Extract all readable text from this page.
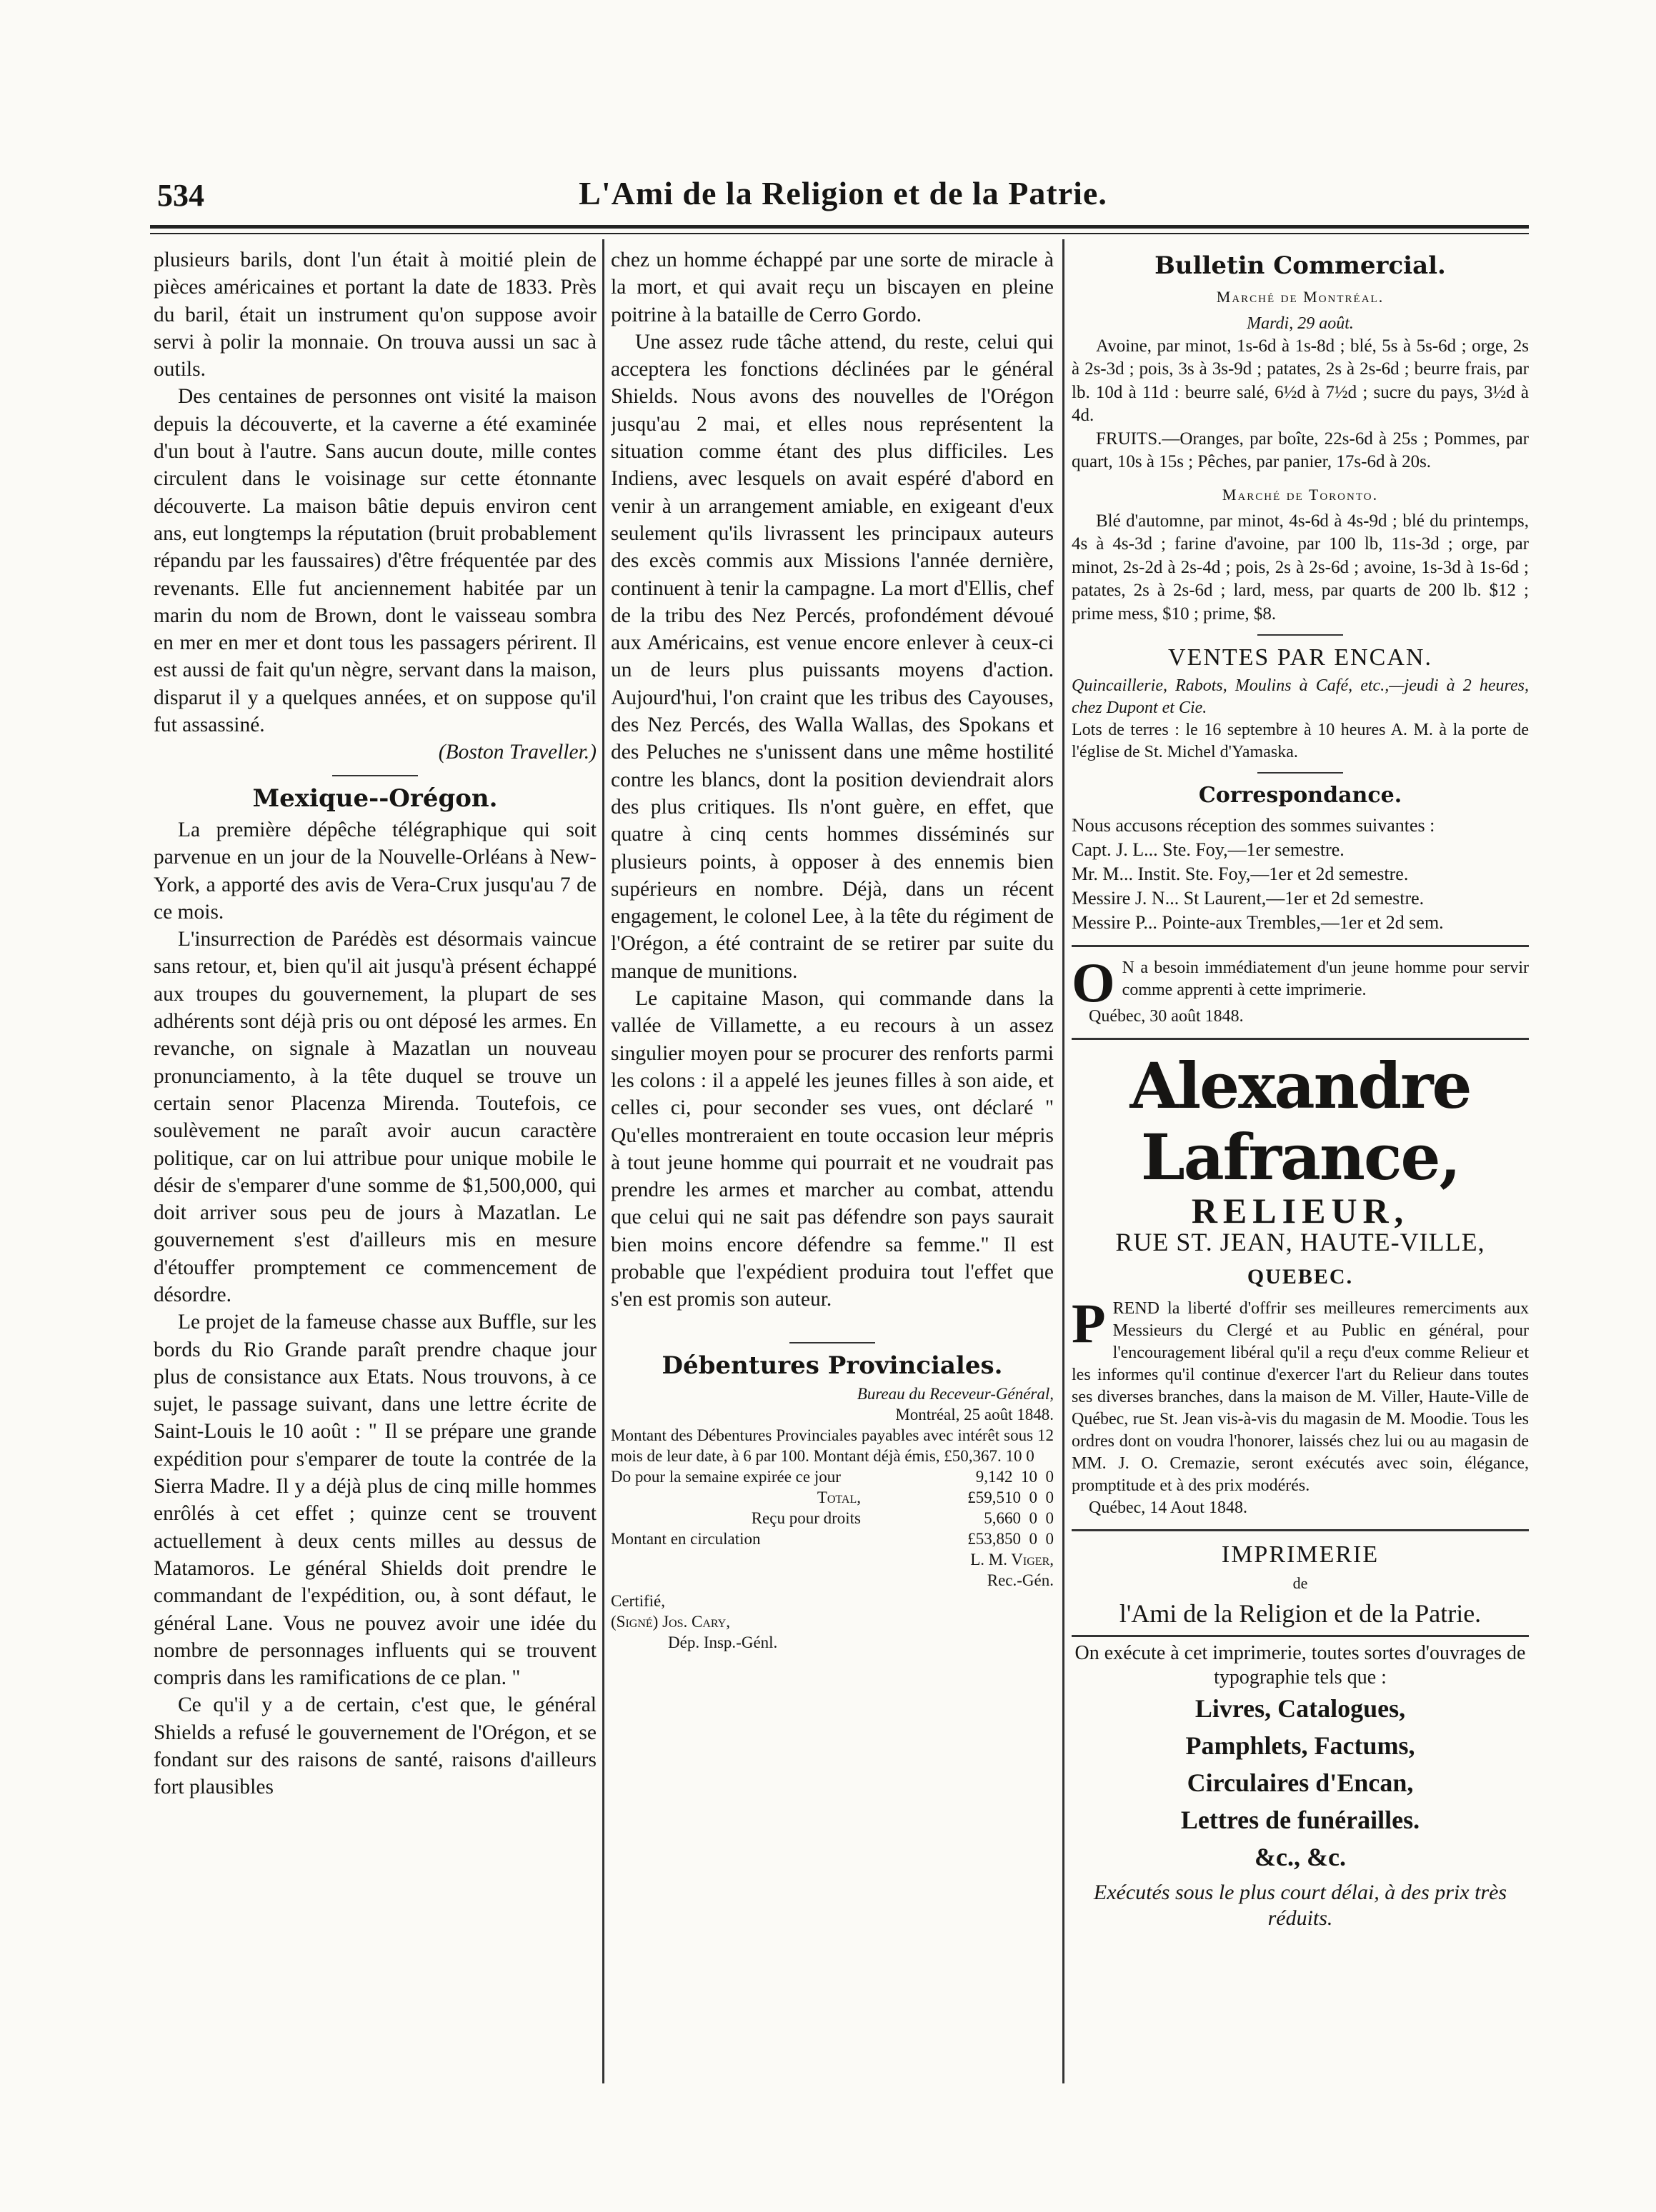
534	L'Ami de la Religion et de la Patrie.

plusieurs barils, dont l'un était à moitié plein de pièces américaines et portant la date de 1833. Près du baril, était un instrument qu'on suppose avoir servi à polir la monnaie. On trouva aussi un sac à outils.

Des centaines de personnes ont visité la maison depuis la découverte, et la caverne a été examinée d'un bout à l'autre. Sans aucun doute, mille contes circulent dans le voisinage sur cette étonnante découverte. La maison bâtie depuis environ cent ans, eut longtemps la réputation (bruit probablement répandu par les faussaires) d'être fréquentée par des revenants. Elle fut anciennement habitée par un marin du nom de Brown, dont le vaisseau sombra en mer en mer et dont tous les passagers périrent. Il est aussi de fait qu'un nègre, servant dans la maison, disparut il y a quelques années, et on suppose qu'il fut assassiné.

(Boston Traveller.)

Mexique--Orégon.

La première dépêche télégraphique qui soit parvenue en un jour de la Nouvelle-Orléans à New-York, a apporté des avis de Vera-Crux jusqu'au 7 de ce mois.

L'insurrection de Parédès est désormais vaincue sans retour, et, bien qu'il ait jusqu'à présent échappé aux troupes du gouvernement, la plupart de ses adhérents sont déjà pris ou ont déposé les armes. En revanche, on signale à Mazatlan un nouveau pronunciamento, à la tête duquel se trouve un certain senor Placenza Mirenda. Toutefois, ce soulèvement ne paraît avoir aucun caractère politique, car on lui attribue pour unique mobile le désir de s'emparer d'une somme de $1,500,000, qui doit arriver sous peu de jours à Mazatlan. Le gouvernement s'est d'ailleurs mis en mesure d'étouffer promptement ce commencement de désordre.

Le projet de la fameuse chasse aux Buffle, sur les bords du Rio Grande paraît prendre chaque jour plus de consistance aux Etats. Nous trouvons, à ce sujet, le passage suivant, dans une lettre écrite de Saint-Louis le 10 août : " Il se prépare une grande expédition pour s'emparer de toute la contrée de la Sierra Madre. Il y a déjà plus de cinq mille hommes enrôlés à cet effet ; quinze cent se trouvent actuellement à deux cents milles au dessus de Matamoros. Le général Shields doit prendre le commandant de l'expédition, ou, à sont défaut, le général Lane. Vous ne pouvez avoir une idée du nombre de personnages influents qui se trouvent compris dans les ramifications de ce plan. "

Ce qu'il y a de certain, c'est que, le général Shields a refusé le gouvernement de l'Orégon, et se fondant sur des raisons de santé, raisons d'ailleurs fort plausibles

chez un homme échappé par une sorte de miracle à la mort, et qui avait reçu un biscayen en pleine poitrine à la bataille de Cerro Gordo.

Une assez rude tâche attend, du reste, celui qui acceptera les fonctions déclinées par le général Shields. Nous avons des nouvelles de l'Orégon jusqu'au 2 mai, et elles nous représentent la situation comme étant des plus difficiles. Les Indiens, avec lesquels on avait espéré d'abord en venir à un arrangement amiable, en exigeant d'eux seulement qu'ils livrassent les principaux auteurs des excès commis aux Missions l'année dernière, continuent à tenir la campagne. La mort d'Ellis, chef de la tribu des Nez Percés, profondément dévoué aux Américains, est venue encore enlever à ceux-ci un de leurs plus puissants moyens d'action. Aujourd'hui, l'on craint que les tribus des Cayouses, des Nez Percés, des Walla Wallas, des Spokans et des Peluches ne s'unissent dans une même hostilité contre les blancs, dont la position deviendrait alors des plus critiques. Ils n'ont guère, en effet, que quatre à cinq cents hommes disséminés sur plusieurs points, à opposer à des ennemis bien supérieurs en nombre. Déjà, dans un récent engagement, le colonel Lee, à la tête du régiment de l'Orégon, a été contraint de se retirer par suite du manque de munitions.

Le capitaine Mason, qui commande dans la vallée de Villamette, a eu recours à un assez singulier moyen pour se procurer des renforts parmi les colons : il a appelé les jeunes filles à son aide, et celles ci, pour seconder ses vues, ont déclaré " Qu'elles montreraient en toute occasion leur mépris à tout jeune homme qui pourrait et ne voudrait pas prendre les armes et marcher au combat, attendu que celui qui ne sait pas défendre son pays saurait bien moins encore défendre sa femme." Il est probable que l'expédient produira tout l'effet que s'en est promis son auteur.

Débentures Provinciales.

Bureau du Receveur-Général,

Montréal, 25 août 1848.

Montant des Débentures Provinciales payables avec intérêt sous 12 mois de leur date, à 6 par 100. Montant déjà émis, £50,367. 10 0

Do pour la semaine expirée ce jour	9,142  10  0
Total,	£59,510  0  0
Reçu pour droits	5,660  0  0
Montant en circulation	£53,850  0  0

L. M. Viger,

Rec.-Gén.

Certifié,

(Signé) Jos. Cary,

Dép. Insp.-Génl.

Bulletin Commercial.
Marché de Montréal.
Mardi, 29 août.

Avoine, par minot, 1s-6d à 1s-8d ; blé, 5s à 5s-6d ; orge, 2s à 2s-3d ; pois, 3s à 3s-9d ; patates, 2s à 2s-6d ; beurre frais, par lb. 10d à 11d : beurre salé, 6½d à 7½d ; sucre du pays, 3½d à 4d.

FRUITS.—Oranges, par boîte, 22s-6d à 25s ; Pommes, par quart, 10s à 15s ; Pêches, par panier, 17s-6d à 20s.

Marché de Toronto.

Blé d'automne, par minot, 4s-6d à 4s-9d ; blé du printemps, 4s à 4s-3d ; farine d'avoine, par 100 lb, 11s-3d ; orge, par minot, 2s-2d à 2s-4d ; pois, 2s à 2s-6d ; avoine, 1s-3d à 1s-6d ; patates, 2s à 2s-6d ; lard, mess, par quarts de 200 lb. $12 ; prime mess, $10 ; prime, $8.

VENTES PAR ENCAN.

Quincaillerie, Rabots, Moulins à Café, etc.,—jeudi à 2 heures, chez Dupont et Cie.

Lots de terres : le 16 septembre à 10 heures A. M. à la porte de l'église de St. Michel d'Yamaska.

Correspondance.

Nous accusons réception des sommes suivantes :

Capt. J. L... Ste. Foy,—1er semestre.

Mr. M... Instit. Ste. Foy,—1er et 2d semestre.

Messire J. N... St Laurent,—1er et 2d semestre.

Messire P... Pointe-aux Trembles,—1er et 2d sem.

O N a besoin immédiatement d'un jeune homme pour servir comme apprenti à cette imprimerie.
Québec, 30 août 1848.
Alexandre Lafrance,
RELIEUR,
RUE ST. JEAN, HAUTE-VILLE,
QUEBEC.
P REND la liberté d'offrir ses meilleures remerciments aux Messieurs du Clergé et au Public en général, pour l'encouragement libéral qu'il a reçu d'eux comme Relieur et les informes qu'il continue d'exercer l'art du Relieur dans toutes ses diverses branches, dans la maison de M. Viller, Haute-Ville de Québec, rue St. Jean vis-à-vis du magasin de M. Moodie. Tous les ordres dont on voudra l'honorer, laissés chez lui ou au magasin de MM. J. O. Cremazie, seront exécutés avec soin, élégance, promptitude et à des prix modérés.
Québec, 14 Aout 1848.
IMPRIMERIE
de
l'Ami de la Religion et de la Patrie.

On exécute à cet imprimerie, toutes sortes d'ouvrages de typographie tels que :

Livres, Catalogues,

Pamphlets, Factums,

Circulaires d'Encan,

Lettres de funérailles.

&c., &c.

Exécutés sous le plus court délai, à des prix très réduits.
